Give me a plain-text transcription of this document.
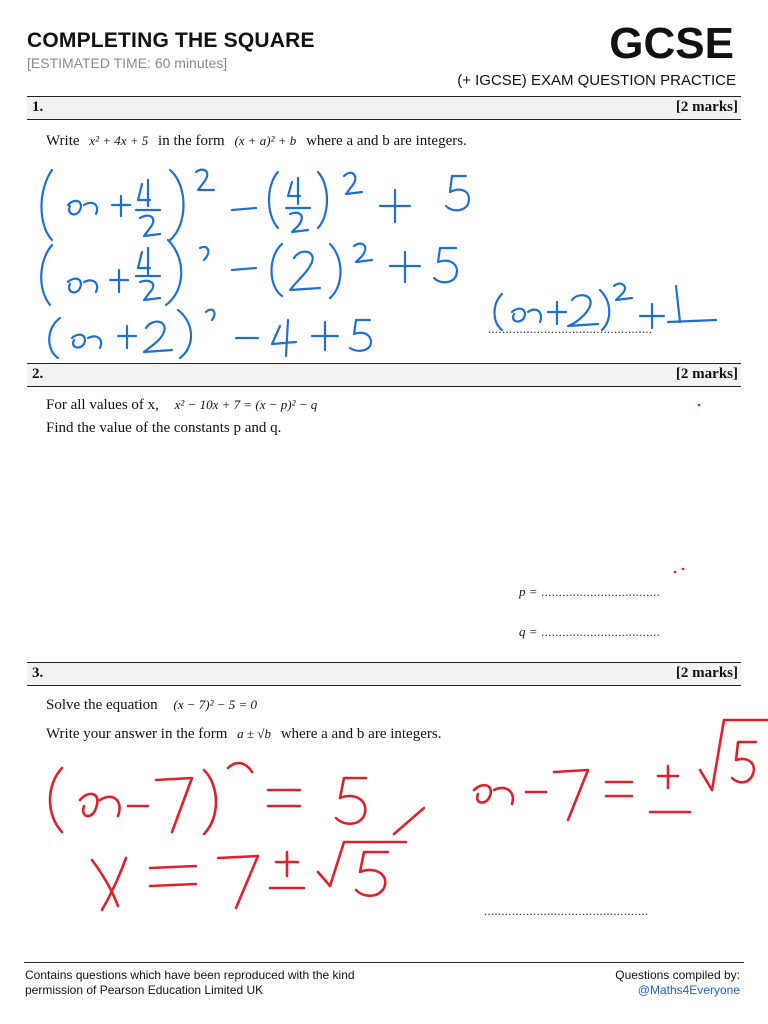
COMPLETING THE SQUARE
[ESTIMATED TIME: 60 minutes]	GCSE
(+ IGCSE) EXAM QUESTION PRACTICE
1.	[2 marks]
Write x² + 4x + 5 in the form (x + a)² + b where a and b are integers.
...............................................
2.	[2 marks]
For all values of x, x² − 10x + 7 = (x − p)² − q
Find the value of the constants p and q.
p = ..................................
q = ..................................
3.	[2 marks]
Solve the equation (x − 7)² − 5 = 0
Write your answer in the form a ± √b where a and b are integers.
...............................................
Contains questions which have been reproduced with the kind
permission of Pearson Education Limited UK
Questions compiled by:
@Maths4Everyone
